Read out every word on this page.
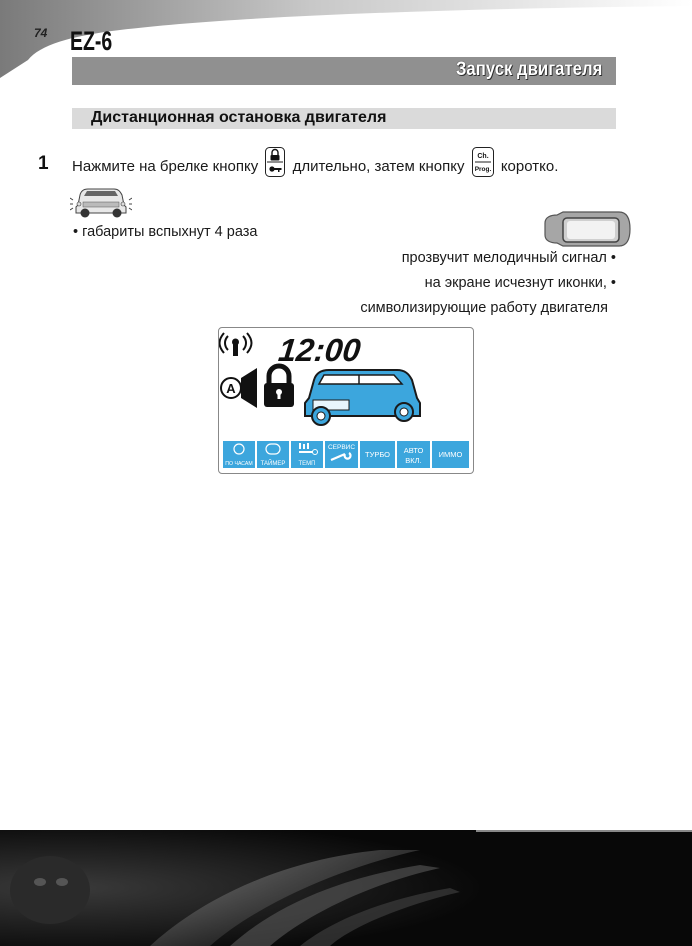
74 EZ-6
Запуск двигателя
Дистанционная остановка двигателя
1 Нажмите на брелке кнопку длительно, затем кнопку
Ch.
Prog. коротко.
• габариты вспыхнут 4 раза
прозвучит мелодичный сигнал •
на экране исчезнут иконки, •
символизирующие работу двигателя
12:00
A
ПО ЧАСАМ ТАЙМЕР ТЕМП
СЕРВИС
ТУРБО АВТО
ВКЛ.
ИММО
